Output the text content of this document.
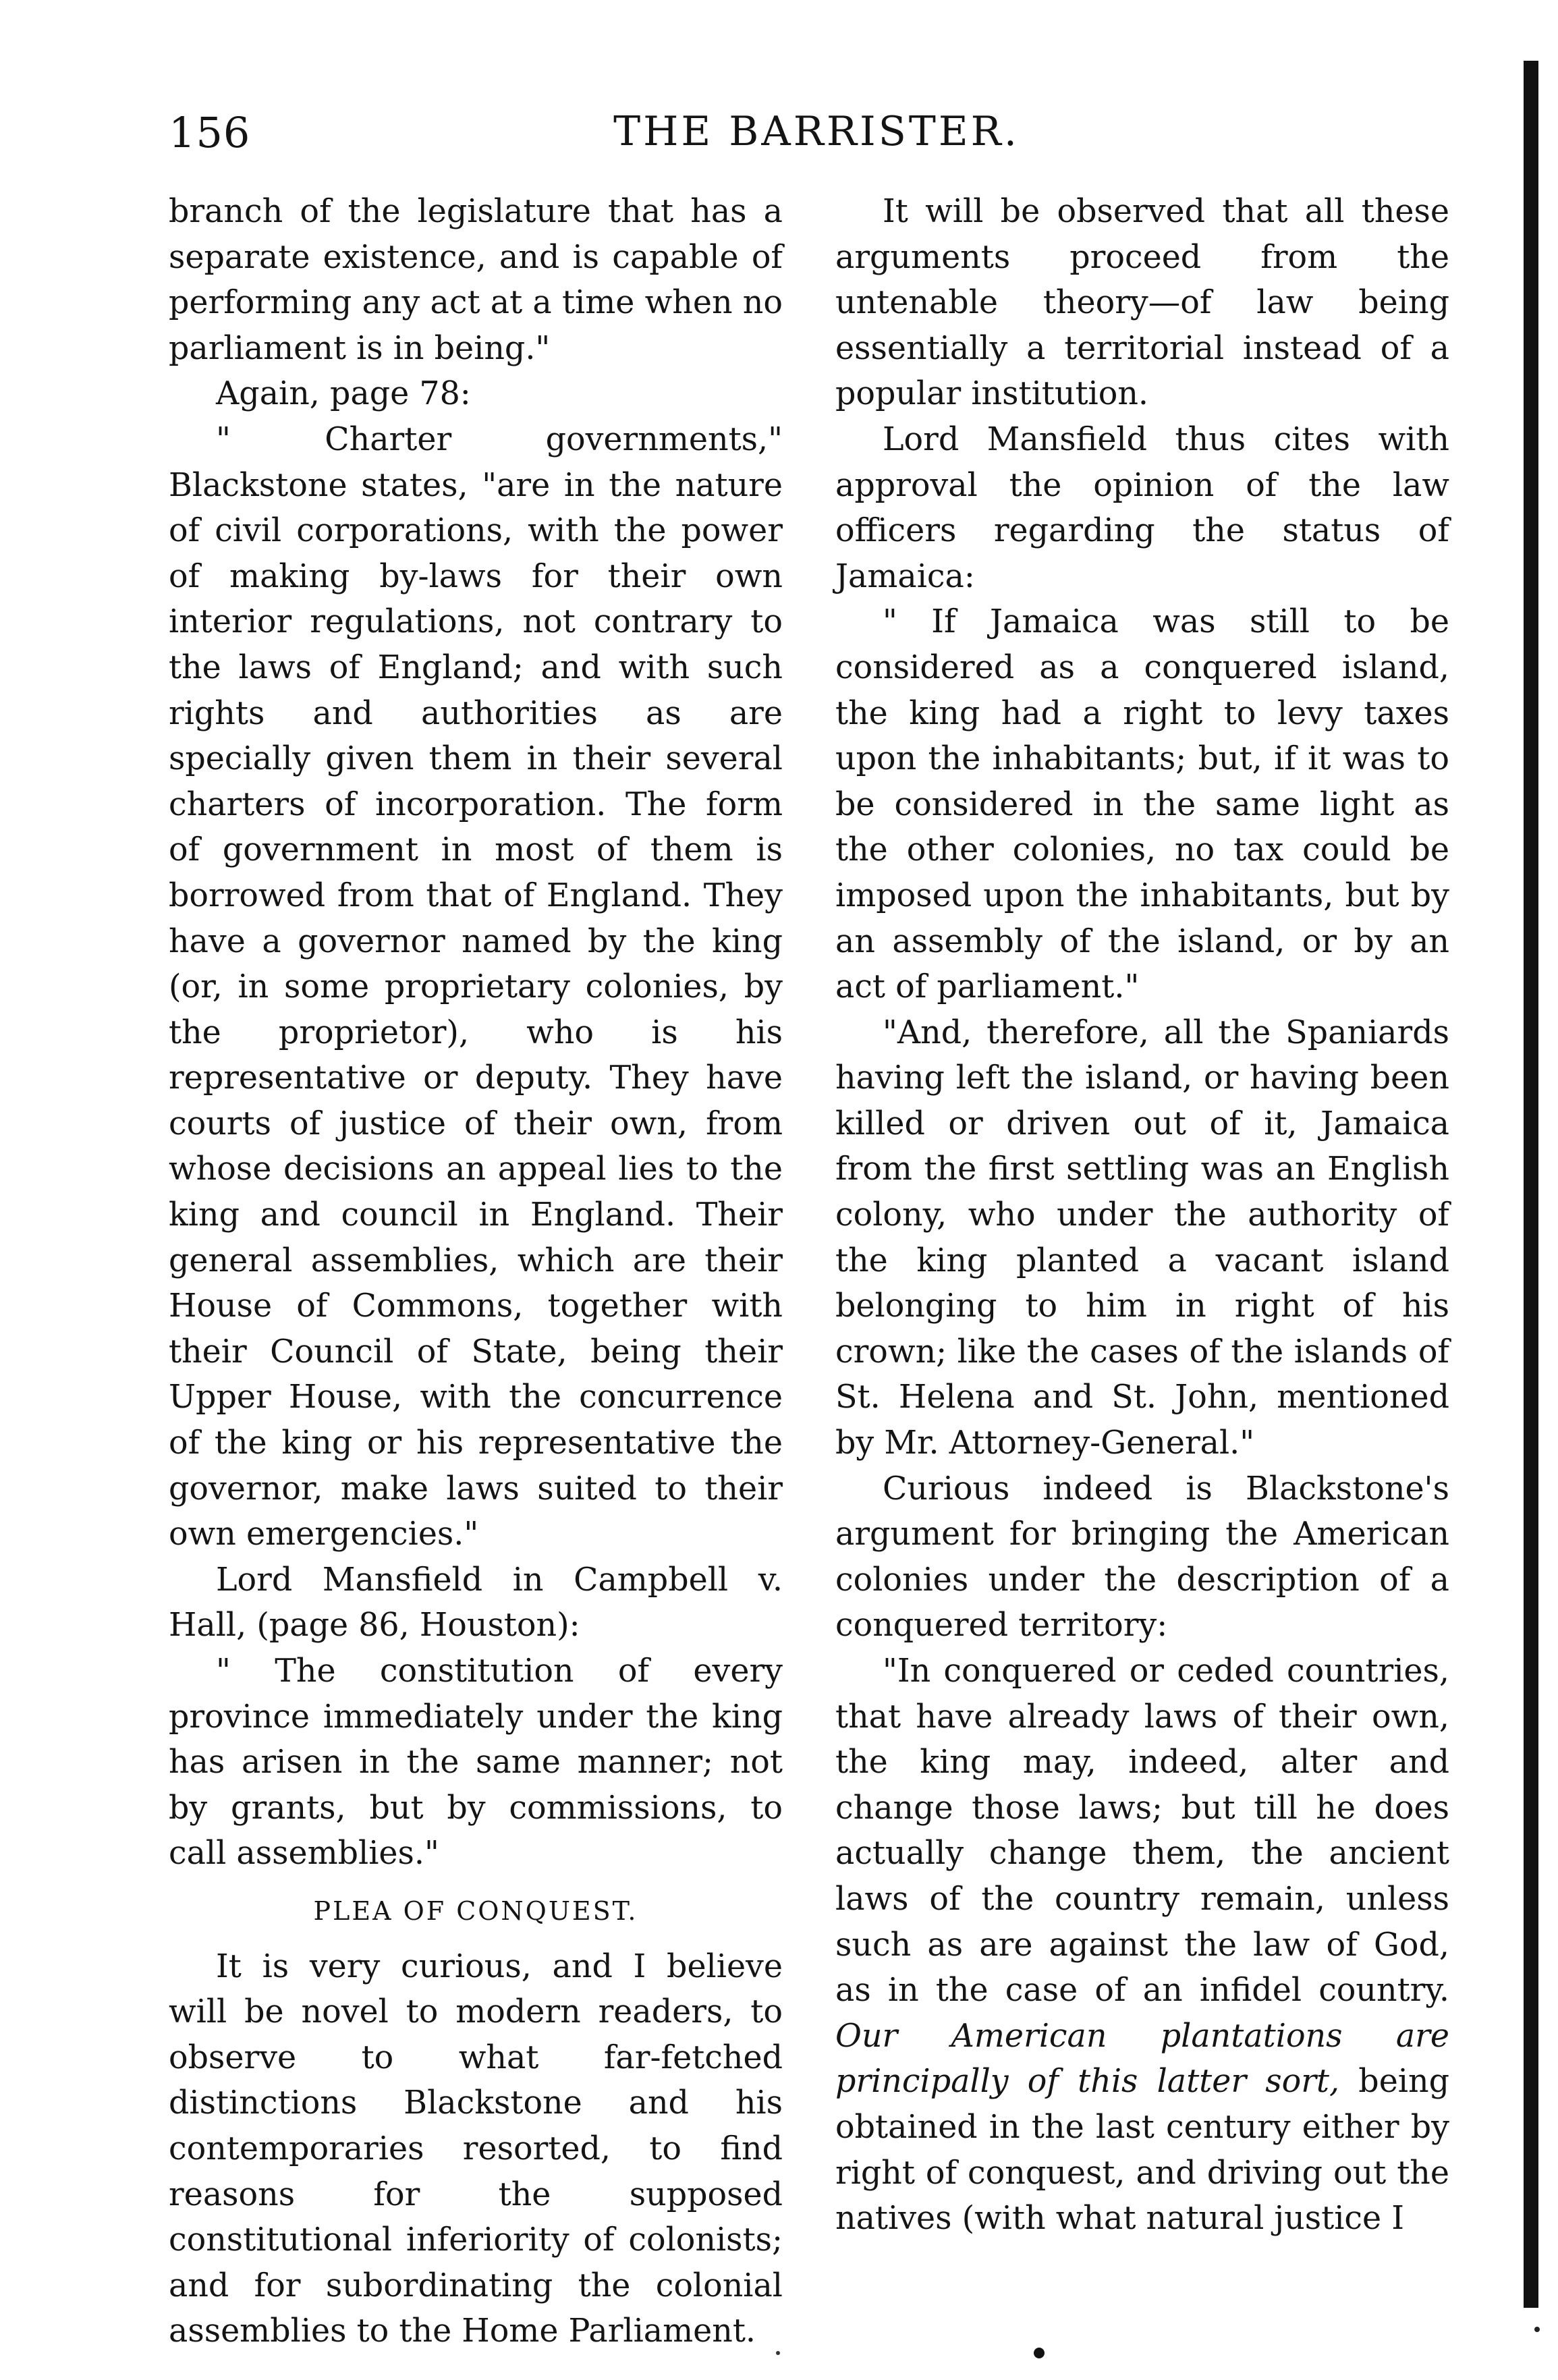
156	THE BARRISTER.

branch of the legislature that has a separate existence, and is capable of performing any act at a time when no parliament is in being."

Again, page 78:

" Charter governments," Blackstone states, "are in the nature of civil corporations, with the power of making by-laws for their own interior regulations, not contrary to the laws of England; and with such rights and authorities as are specially given them in their several charters of incorporation. The form of government in most of them is borrowed from that of England. They have a governor named by the king (or, in some proprietary colonies, by the proprietor), who is his representative or deputy. They have courts of justice of their own, from whose decisions an appeal lies to the king and council in England. Their general assemblies, which are their House of Commons, together with their Council of State, being their Upper House, with the concurrence of the king or his representative the governor, make laws suited to their own emergencies."

Lord Mansfield in Campbell v. Hall, (page 86, Houston):

" The constitution of every province immediately under the king has arisen in the same manner; not by grants, but by commissions, to call assemblies."

PLEA OF CONQUEST.

It is very curious, and I believe will be novel to modern readers, to observe to what far-fetched distinctions Blackstone and his contemporaries resorted, to find reasons for the supposed constitutional inferiority of colonists; and for subordinating the colonial assemblies to the Home Parliament.

It will be observed that all these arguments proceed from the untenable theory—of law being essentially a territorial instead of a popular institution.

Lord Mansfield thus cites with approval the opinion of the law officers regarding the status of Jamaica:

" If Jamaica was still to be considered as a conquered island, the king had a right to levy taxes upon the inhabitants; but, if it was to be considered in the same light as the other colonies, no tax could be imposed upon the inhabitants, but by an assembly of the island, or by an act of parliament."

"And, therefore, all the Spaniards having left the island, or having been killed or driven out of it, Jamaica from the first settling was an English colony, who under the authority of the king planted a vacant island belonging to him in right of his crown; like the cases of the islands of St. Helena and St. John, mentioned by Mr. Attorney-General."

Curious indeed is Blackstone's argument for bringing the American colonies under the description of a conquered territory:

"In conquered or ceded countries, that have already laws of their own, the king may, indeed, alter and change those laws; but till he does actually change them, the ancient laws of the country remain, unless such as are against the law of God, as in the case of an infidel country. Our American plantations are principally of this latter sort, being obtained in the last century either by right of conquest, and driving out the natives (with what natural justice I
